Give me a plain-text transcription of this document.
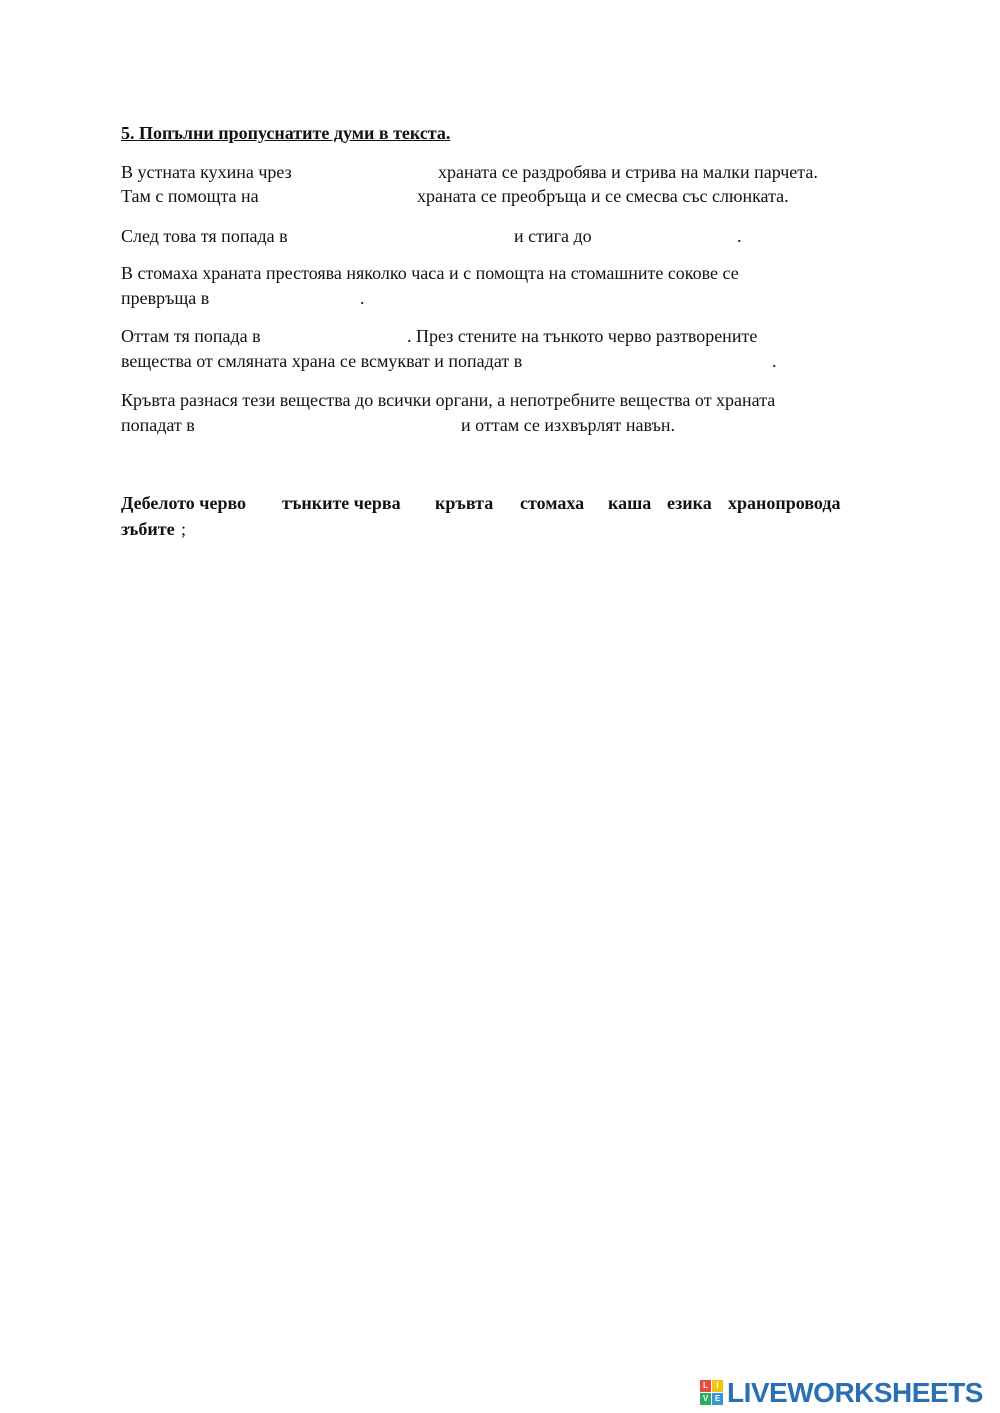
5. Попълни пропуснатите думи в текста.
В устната кухина чрез	храната се раздробява и стрива на малки парчета.
Там с помощта на	храната се преобръща и се смесва със слюнката.
След това тя попада в	и стига до	.
В стомаха храната престоява няколко часа и с помощта на стомашните сокове се
превръща в	.
Оттам тя попада в	. През стените на тънкото черво разтворените
вещества от смляната храна се всмукват и попадат в	.
Кръвта разнася тези вещества до всички органи, а непотребните вещества от храната
попадат в	и оттам се изхвърлят навън.
Дебелото черво тънките черва кръвта стомаха каша езика хранопровода
зъбите ;
L	I
V E LIVEWORKSHEETS
